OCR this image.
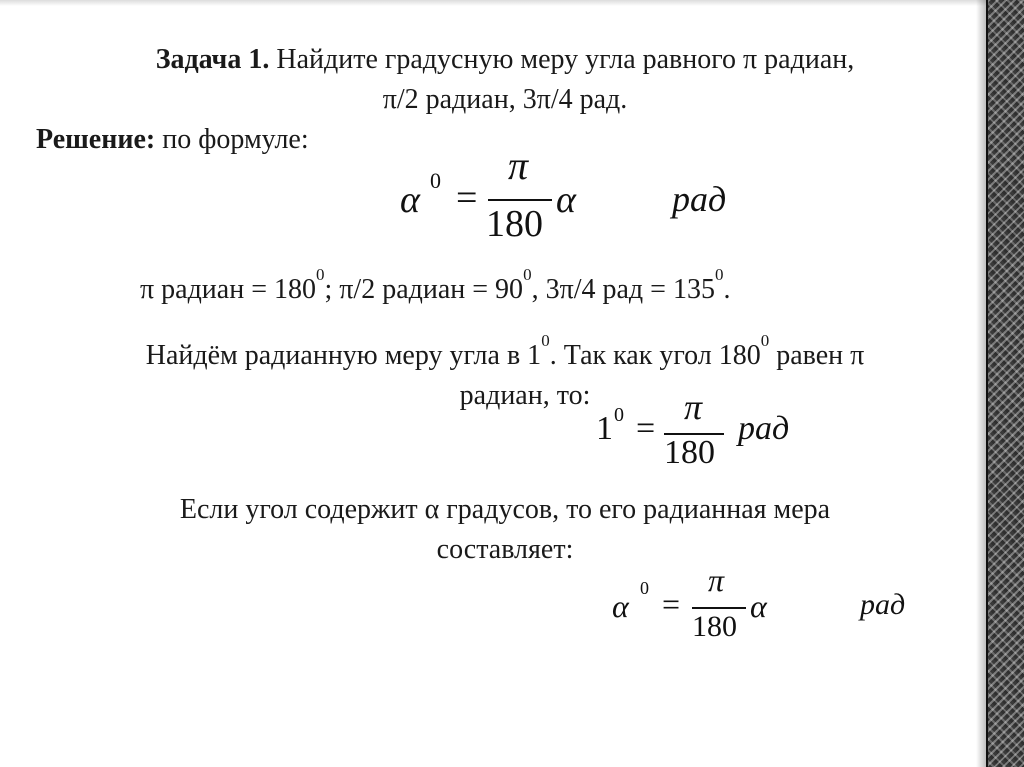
Задача 1. Найдите градусную меру угла равного π радиан,
π/2 радиан, 3π/4 рад.
Решение: по формуле:
α 0 =
π
180
α	рад
π радиан = $180^0$; π/2 радиан = $90^0$, 3π/4 рад = $135^0$.
Найдём радианную меру угла в $1^0$. Так как угол $180^0$ равен π
радиан, то:
1 0 =
π
180
рад
Если угол содержит α градусов, то его радианная мера
составляет:
α 0 =
π
180
α	рад
